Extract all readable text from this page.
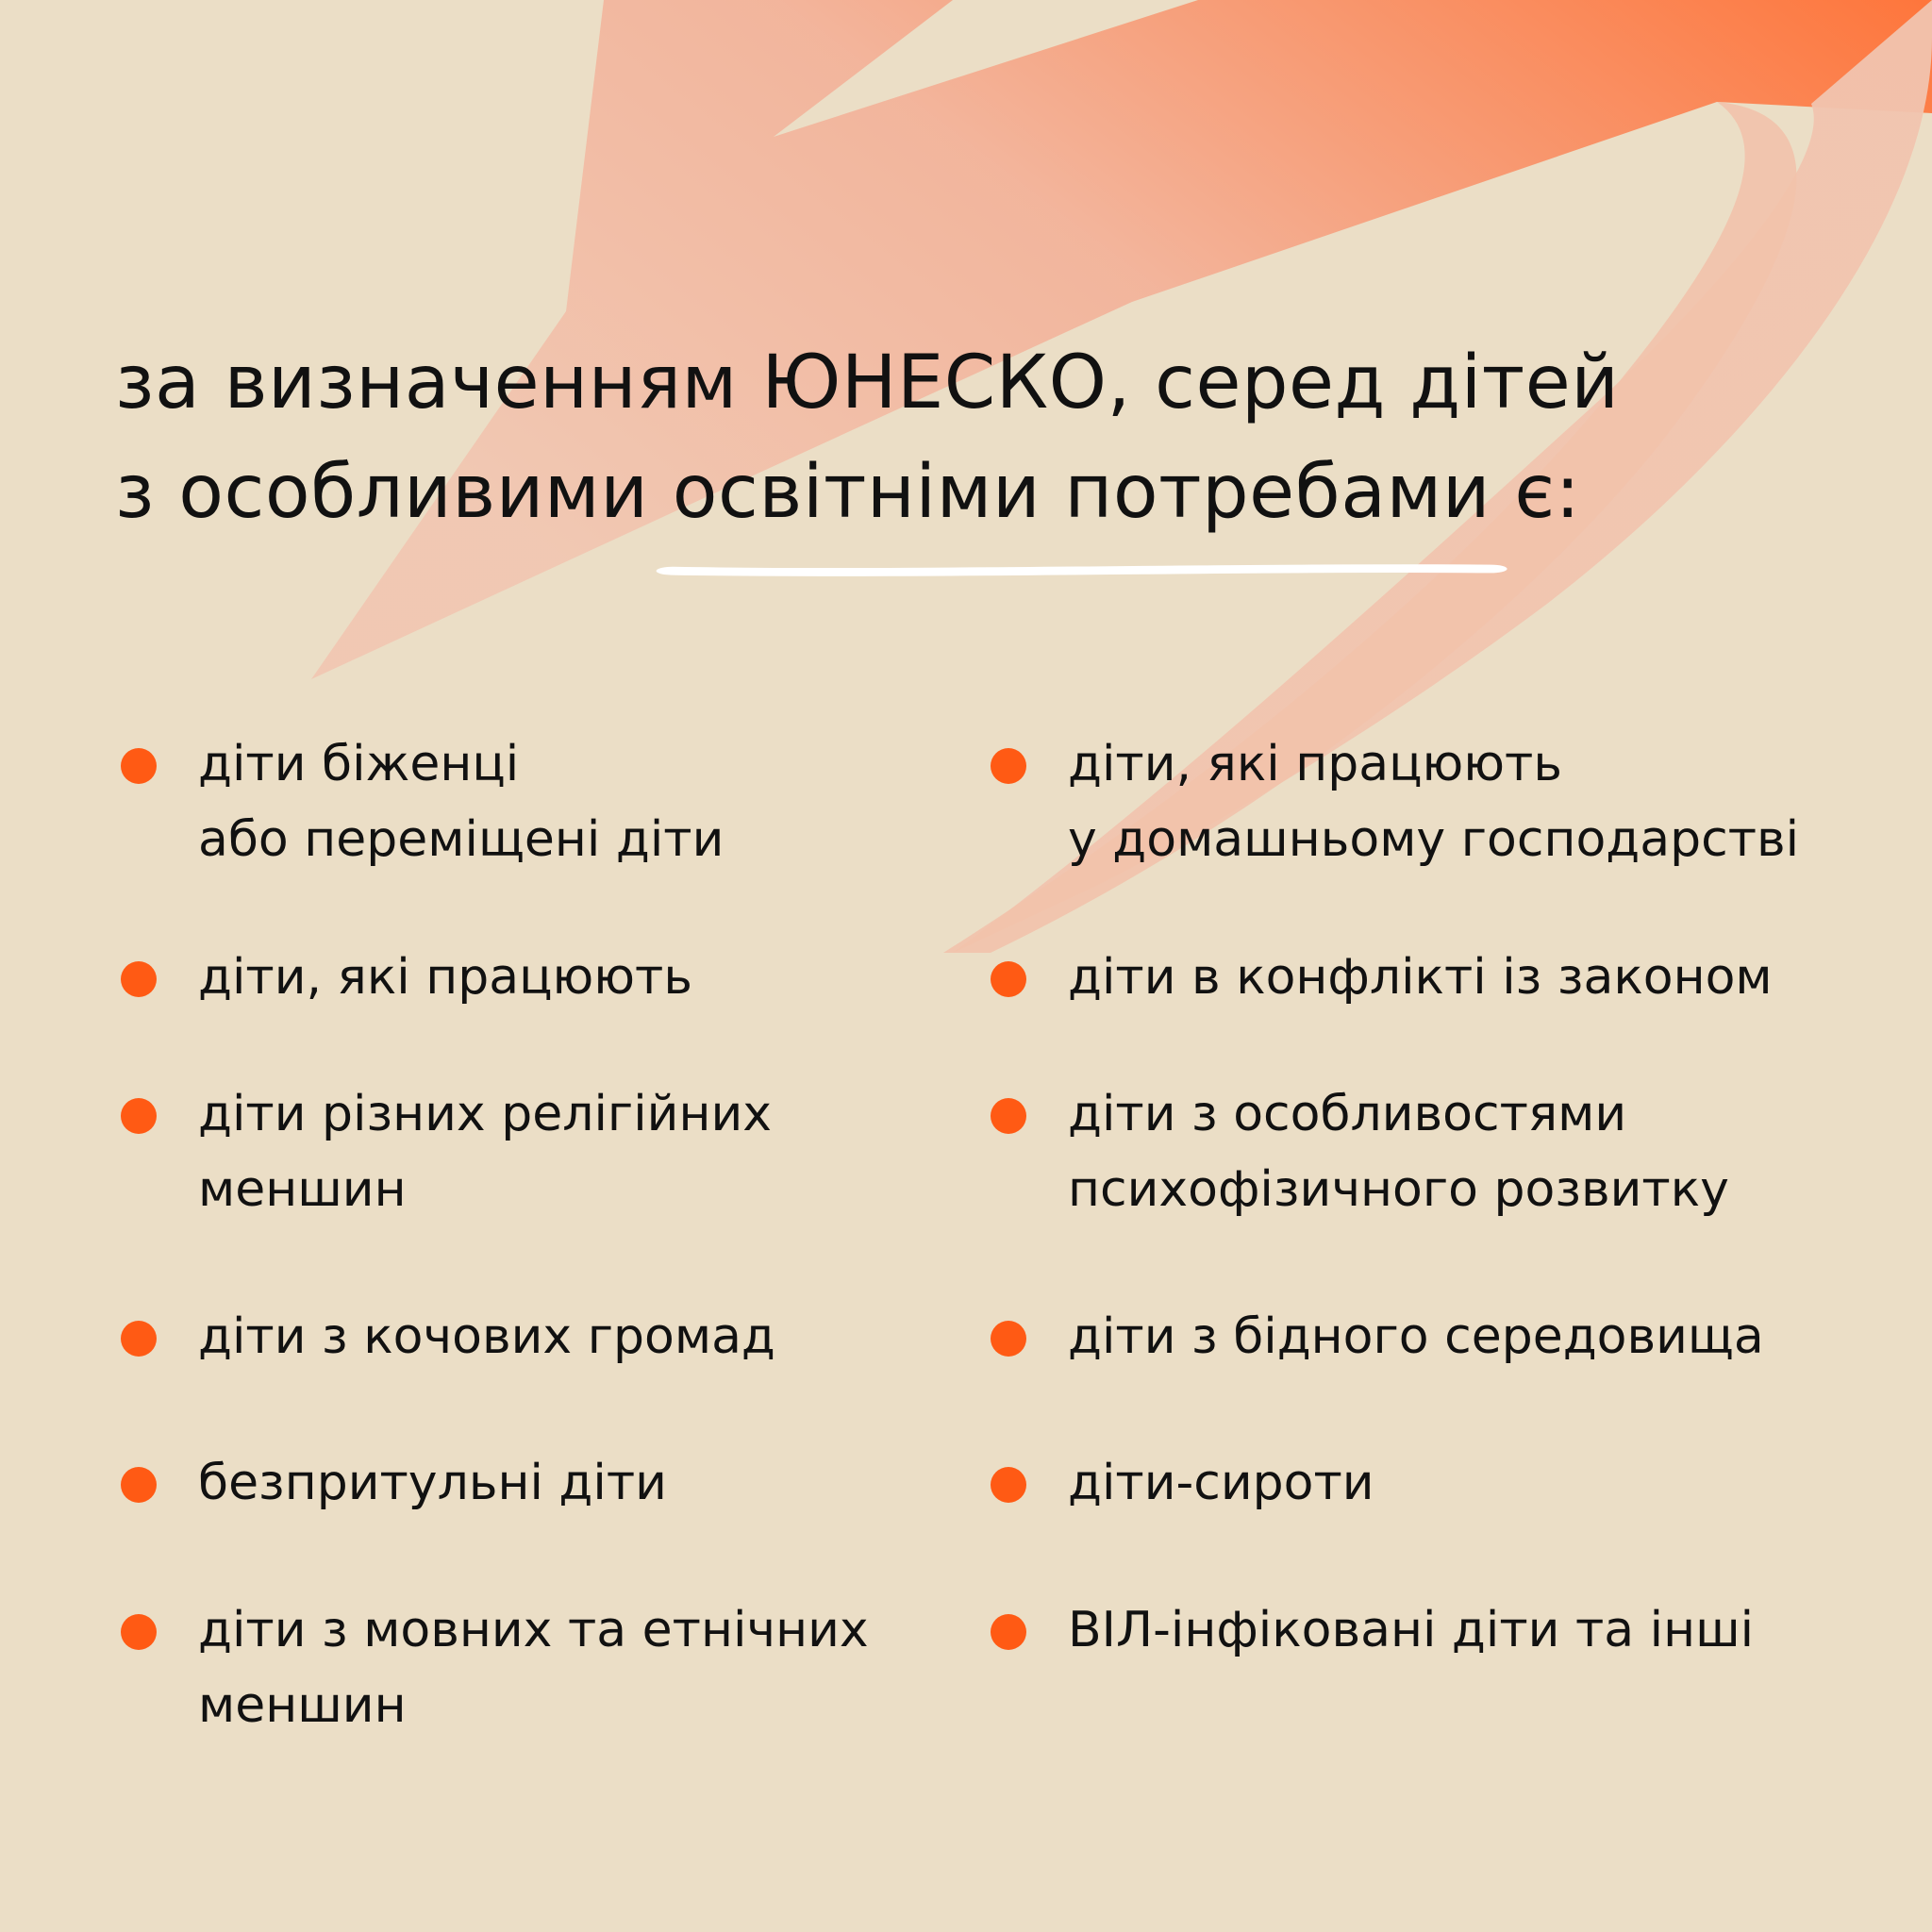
за визначенням ЮНЕСКО, серед дітей
з особливими освітніми потребами
є:
діти біженці
або переміщені діти
діти, які працюють
діти різних релігійних
меншин
діти з кочових громад
безпритульні діти
діти з мовних та етнічних
меншин
діти, які працюють
у домашньому господарстві
діти в конфлікті із законом
діти з особливостями
психофізичного розвитку
діти з бідного середовища
діти-сироти
ВІЛ-інфіковані діти та інші
